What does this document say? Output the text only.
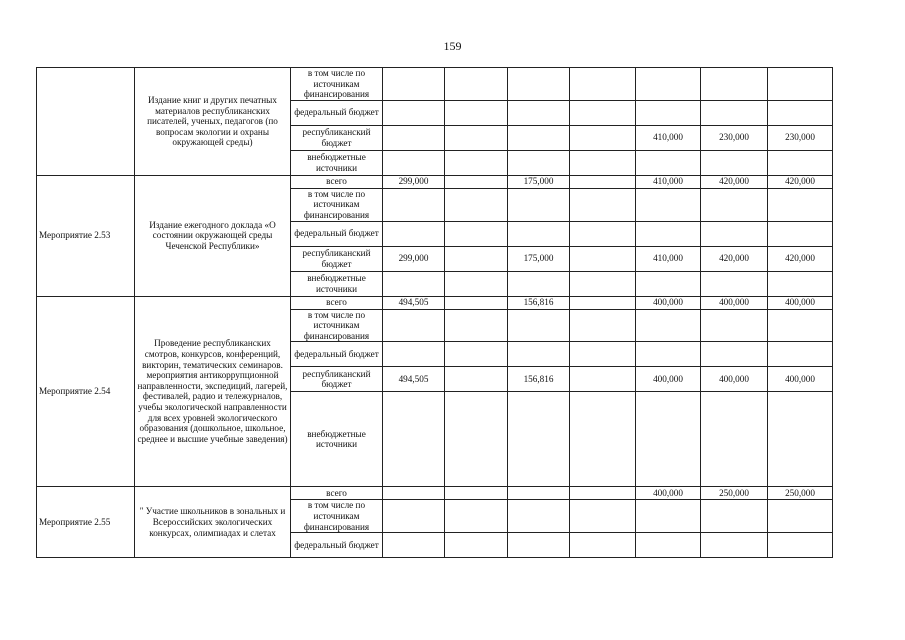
159
	Издание книг и других печатных материалов республиканских писателей, ученых, педагогов (по вопросам экологии и охраны окружающей среды)	в том числе по источникам финансирования							
		федеральный бюджет							
		республиканский бюджет					410,000	230,000	230,000
		внебюджетные источники							
Мероприятие 2.53	Издание ежегодного доклада «О состоянии окружающей среды Чеченской Республики»	всего	299,000		175,000		410,000	420,000	420,000
		в том числе по источникам финансирования							
		федеральный бюджет							
		республиканский бюджет	299,000		175,000		410,000	420,000	420,000
		внебюджетные источники							
Мероприятие 2.54	Проведение республиканских смотров, конкурсов, конференций, викторин, тематических семинаров. мероприятия антикоррупционной направленности, экспедиций, лагерей, фестивалей, радио и тележурналов, учебы экологической направленности для всех уровней экологического образования (дошкольное, школьное, среднее и высшие учебные заведения)	всего	494,505		156,816		400,000	400,000	400,000
		в том числе по источникам финансирования							
		федеральный бюджет							
		республиканский бюджет	494,505		156,816		400,000	400,000	400,000
		внебюджетные источники							
Мероприятие 2.55	" Участие школьников в зональных и Всероссийских экологических конкурсах, олимпиадах и слетах	всего					400,000	250,000	250,000
		в том числе по источникам финансирования							
		федеральный бюджет							
